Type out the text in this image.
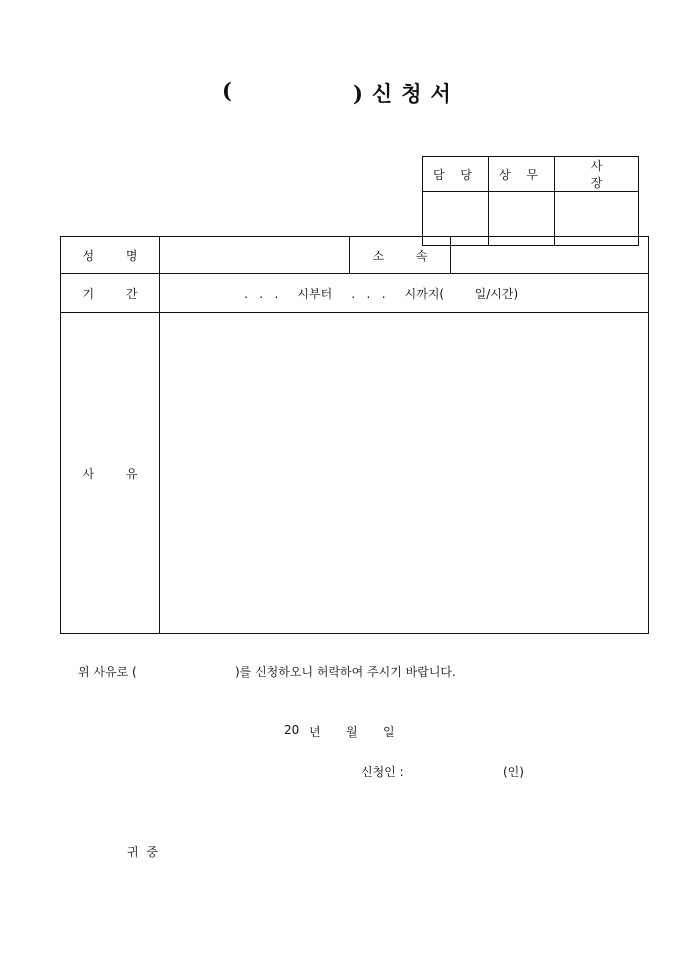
(	)신청서
담 당	상 무	사 장

성 명		소 속	
기 간	.   .   .     시부터     .   .   .     시까지(        일/시간)		
사 유			
위 사유로 (	)를 신청하오니 허락하여 주시기 바랍니다.
20 년 월 일
신청인 :	(인)
귀 중
